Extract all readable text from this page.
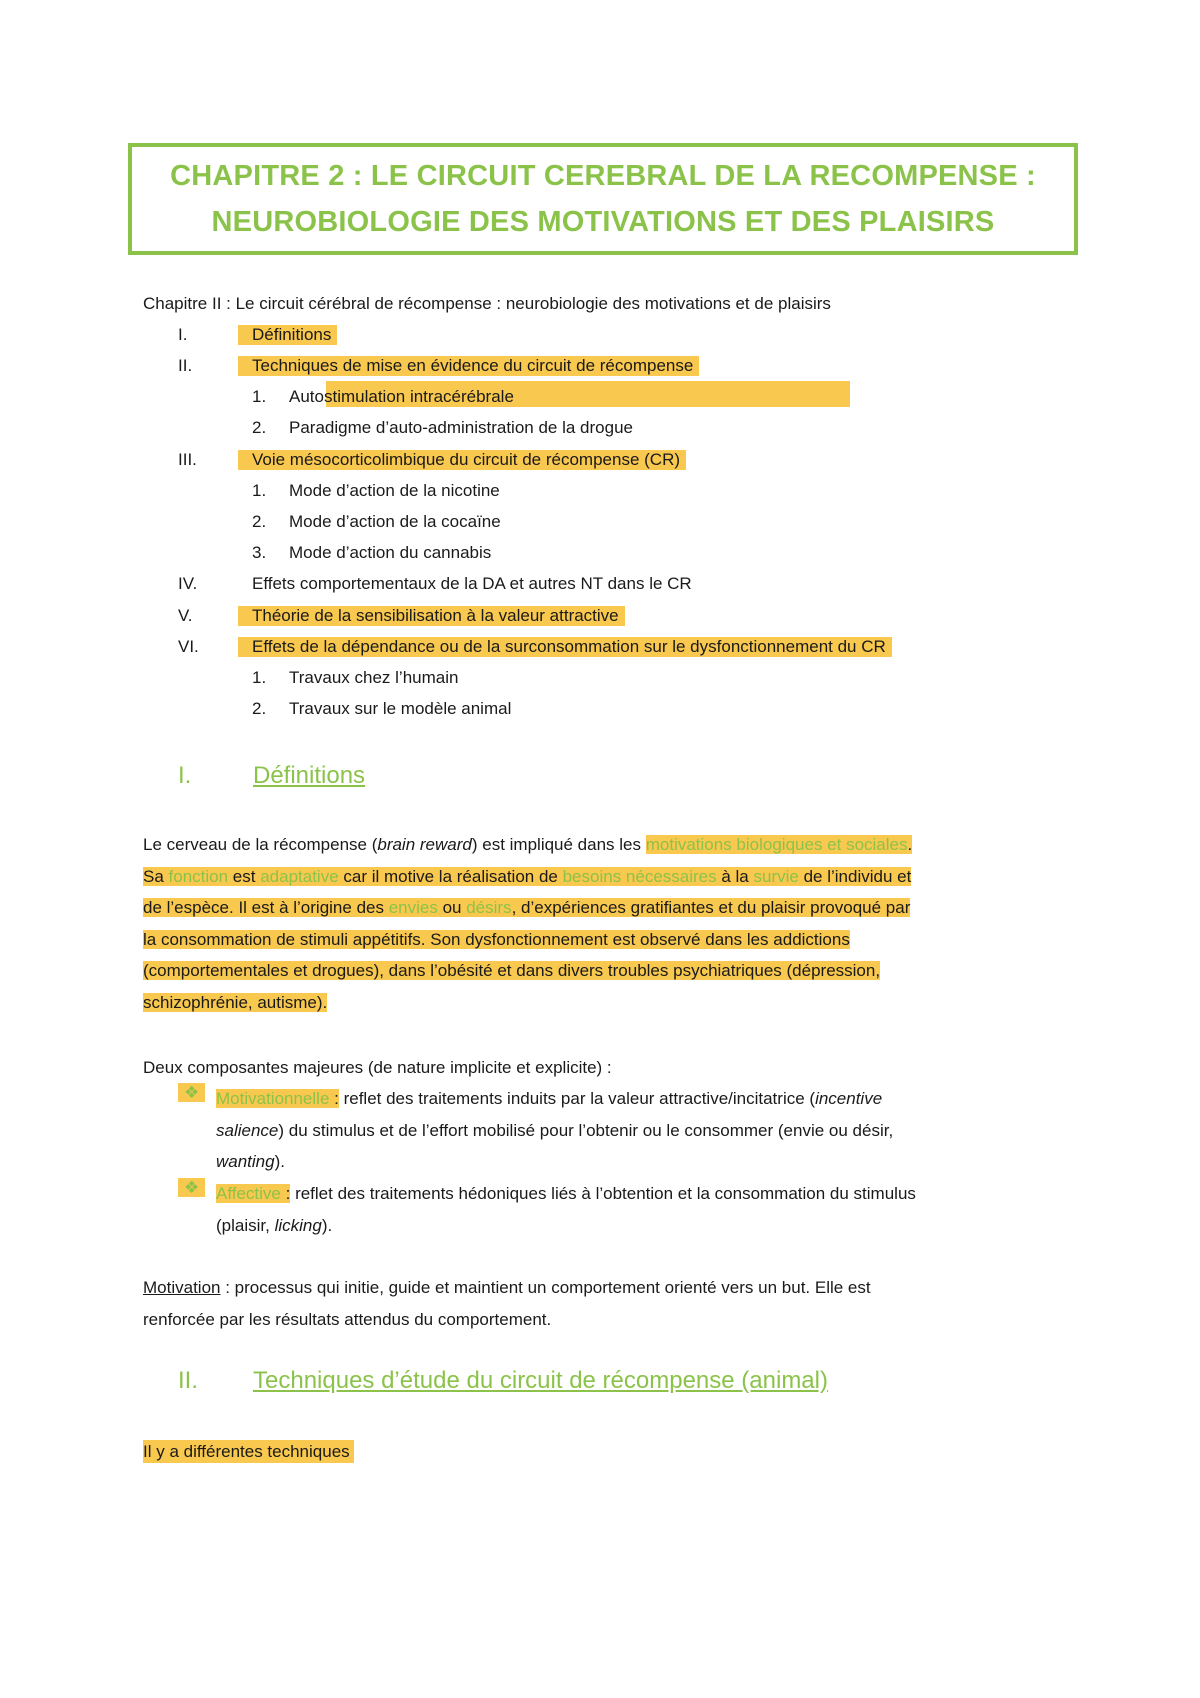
CHAPITRE 2 : LE CIRCUIT CEREBRAL DE LA RECOMPENSE :
NEUROBIOLOGIE DES MOTIVATIONS ET DES PLAISIRS
Chapitre II : Le circuit cérébral de récompense : neurobiologie des motivations et de plaisirs
I.	Définitions
II.	Techniques de mise en évidence du circuit de récompense
1. Autostimulation intracérébrale
2. Paradigme d’auto-administration de la drogue
III.	Voie mésocorticolimbique du circuit de récompense (CR)
1. Mode d’action de la nicotine
2. Mode d’action de la cocaïne
3. Mode d’action du cannabis
IV.	Effets comportementaux de la DA et autres NT dans le CR
V.	Théorie de la sensibilisation à la valeur attractive
VI.	Effets de la dépendance ou de la surconsommation sur le dysfonctionnement du CR
1. Travaux chez l’humain
2. Travaux sur le modèle animal
I.	Définitions
Le cerveau de la récompense (brain reward) est impliqué dans les motivations biologiques et sociales.
Sa fonction est adaptative car il motive la réalisation de besoins nécessaires à la survie de l’individu et
de l’espèce. Il est à l’origine des envies ou désirs, d’expériences gratifiantes et du plaisir provoqué par
la consommation de stimuli appétitifs. Son dysfonctionnement est observé dans les addictions
(comportementales et drogues), dans l’obésité et dans divers troubles psychiatriques (dépression,
schizophrénie, autisme).
Deux composantes majeures (de nature implicite et explicite) :
❖ Motivationnelle : reflet des traitements induits par la valeur attractive/incitatrice (incentive
salience) du stimulus et de l’effort mobilisé pour l’obtenir ou le consommer (envie ou désir,
wanting).
❖ Affective : reflet des traitements hédoniques liés à l’obtention et la consommation du stimulus
(plaisir, licking).
Motivation : processus qui initie, guide et maintient un comportement orienté vers un but. Elle est
renforcée par les résultats attendus du comportement.
II. Techniques d’étude du circuit de récompense (animal)
Il y a différentes techniques
